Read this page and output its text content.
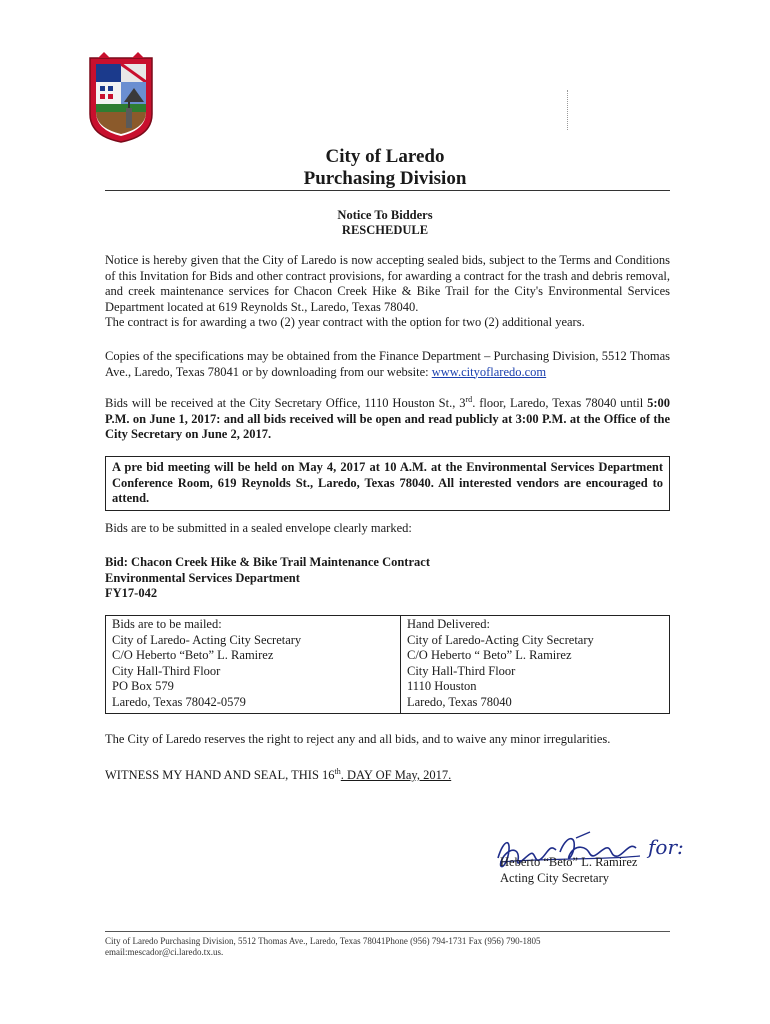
City of Laredo
Purchasing Division
Notice To Bidders
RESCHEDULE

Notice is hereby given that the City of Laredo is now accepting sealed bids, subject to the Terms and Conditions of this Invitation for Bids and other contract provisions, for awarding a contract for the trash and debris removal, and creek maintenance services for Chacon Creek Hike & Bike Trail for the City's Environmental Services Department located at 619 Reynolds St., Laredo, Texas 78040.

The contract is for awarding a two (2) year contract with the option for two (2) additional years.

Copies of the specifications may be obtained from the Finance Department – Purchasing Division, 5512 Thomas Ave., Laredo, Texas 78041 or by downloading from our website: www.cityoflaredo.com
Bids will be received at the City Secretary Office, 1110 Houston St., 3rd. floor, Laredo, Texas 78040 until 5:00 P.M. on June 1, 2017: and all bids received will be open and read publicly at 3:00 P.M. at the Office of the City Secretary on June 2, 2017.
A pre bid meeting will be held on May 4, 2017 at 10 A.M. at the Environmental Services Department Conference Room, 619 Reynolds St., Laredo, Texas 78040. All interested vendors are encouraged to attend.
Bids are to be submitted in a sealed envelope clearly marked:
Bid: Chacon Creek Hike & Bike Trail Maintenance Contract
Environmental Services Department
FY17-042
Bids are to be mailed:
City of Laredo- Acting City Secretary
C/O Heberto “Beto” L. Ramirez
City Hall-Third Floor
PO Box 579
Laredo, Texas 78042-0579

Hand Delivered:
City of Laredo-Acting City Secretary
C/O Heberto “ Beto” L. Ramirez
City Hall-Third Floor
1110 Houston
Laredo, Texas 78040
The City of Laredo reserves the right to reject any and all bids, and to waive any minor irregularities.
WITNESS MY HAND AND SEAL, THIS 16th. DAY OF May, 2017.
for:
Heberto “Beto” L. Ramirez
Acting City Secretary
City of Laredo Purchasing Division, 5512 Thomas Ave., Laredo, Texas 78041Phone (956) 794-1731 Fax (956) 790-1805
email:mescador@ci.laredo.tx.us.
